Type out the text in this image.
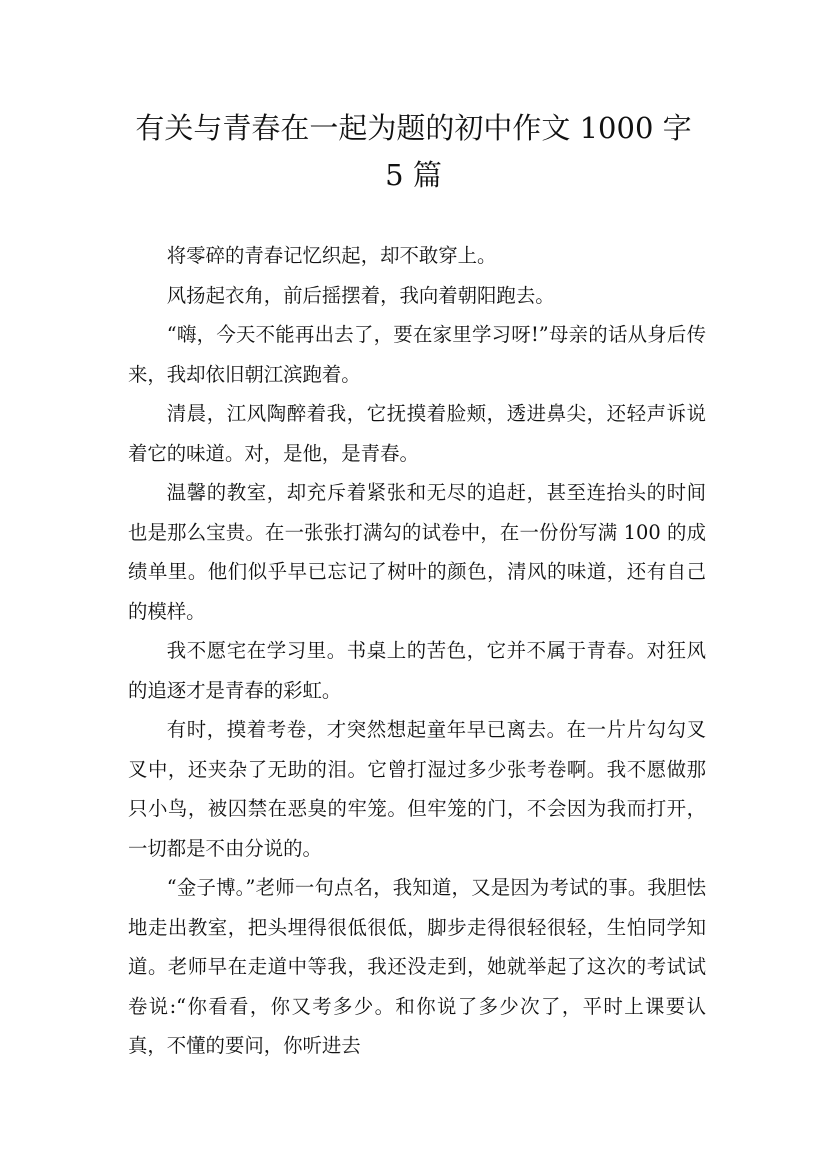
有关与青春在一起为题的初中作文 1000 字
5 篇

将零碎的青春记忆织起，却不敢穿上。

风扬起衣角，前后摇摆着，我向着朝阳跑去。

“嗨，今天不能再出去了，要在家里学习呀!”母亲的话从身后传来，我却依旧朝江滨跑着。

清晨，江风陶醉着我，它抚摸着脸颊，透进鼻尖，还轻声诉说着它的味道。对，是他，是青春。

温馨的教室，却充斥着紧张和无尽的追赶，甚至连抬头的时间也是那么宝贵。在一张张打满勾的试卷中，在一份份写满 100 的成绩单里。他们似乎早已忘记了树叶的颜色，清风的味道，还有自己的模样。

我不愿宅在学习里。书桌上的苦色，它并不属于青春。对狂风的追逐才是青春的彩虹。

有时，摸着考卷，才突然想起童年早已离去。在一片片勾勾叉叉中，还夹杂了无助的泪。它曾打湿过多少张考卷啊。我不愿做那只小鸟，被囚禁在恶臭的牢笼。但牢笼的门，不会因为我而打开，一切都是不由分说的。

“金子博。”老师一句点名，我知道，又是因为考试的事。我胆怯地走出教室，把头埋得很低很低，脚步走得很轻很轻，生怕同学知道。老师早在走道中等我，我还没走到，她就举起了这次的考试试卷说:“你看看，你又考多少。和你说了多少次了，平时上课要认真，不懂的要问，你听进去
